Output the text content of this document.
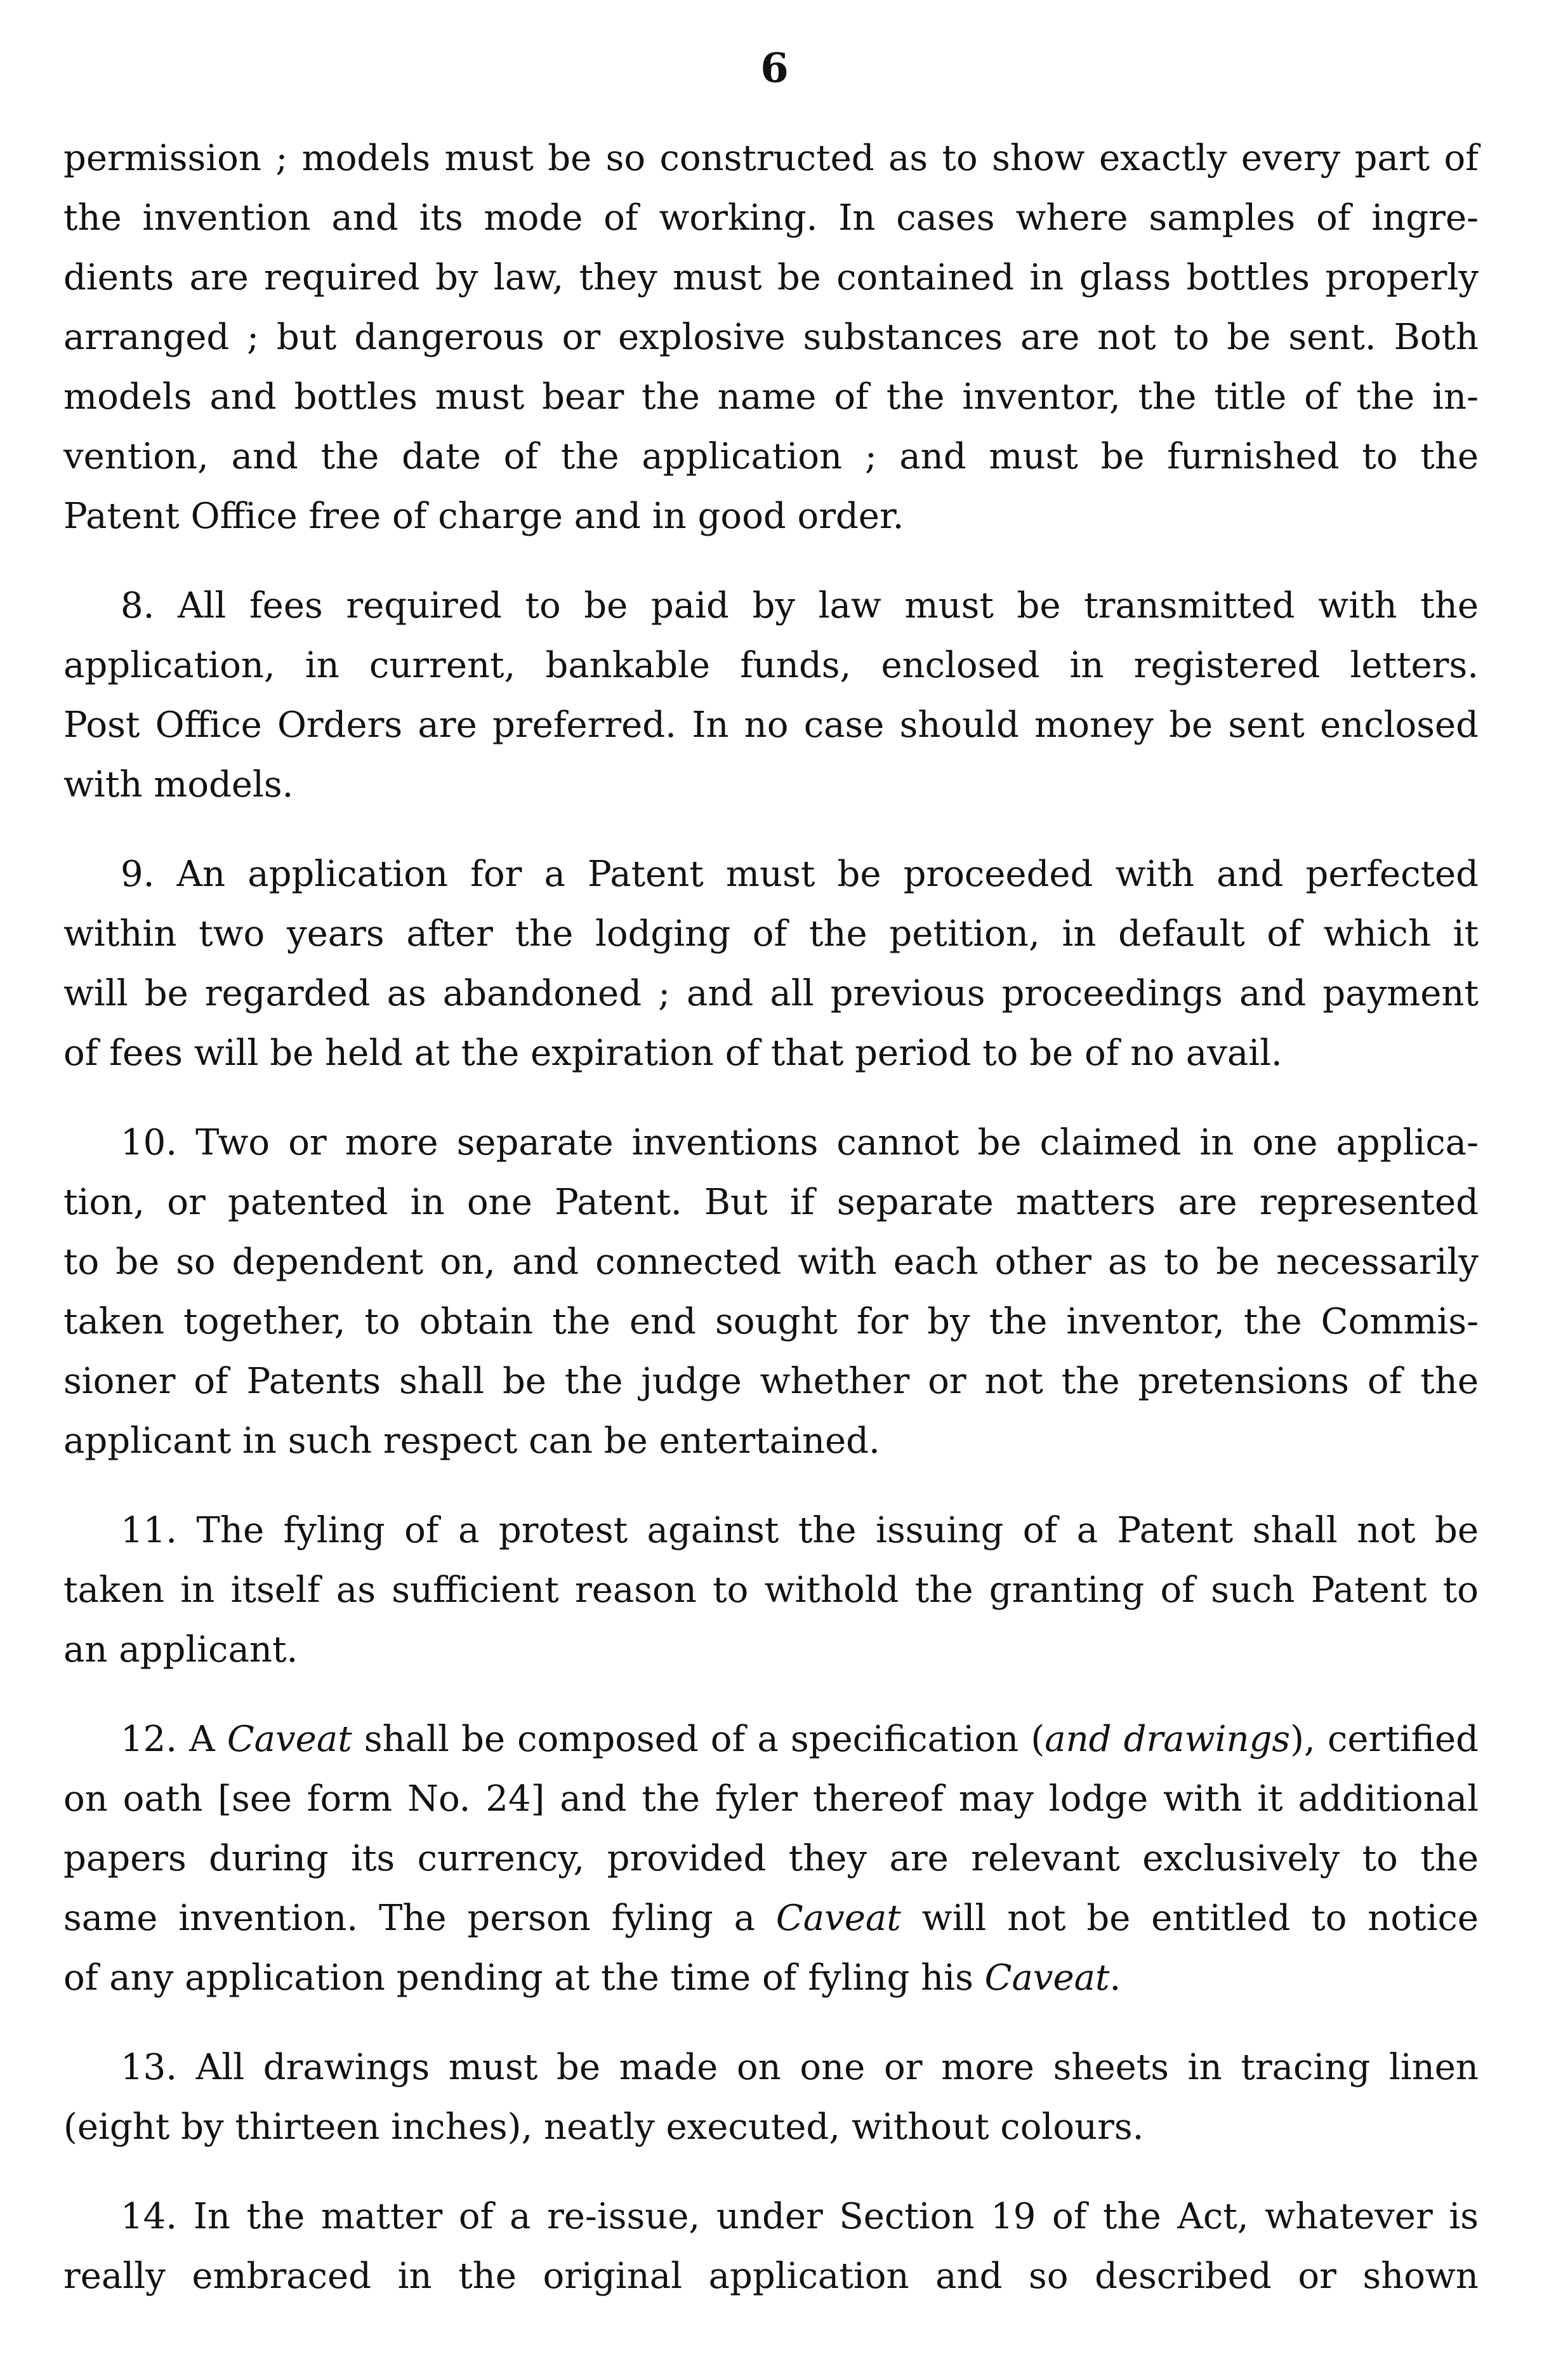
6
permission ; models must be so constructed as to show exactly every part of
the invention and its mode of working. In cases where samples of ingre-
dients are required by law, they must be contained in glass bottles properly
arranged ; but dangerous or explosive substances are not to be sent. Both
models and bottles must bear the name of the inventor, the title of the in-
vention, and the date of the application ; and must be furnished to the
Patent Office free of charge and in good order.
8. All fees required to be paid by law must be transmitted with the
application, in current, bankable funds, enclosed in registered letters.
Post Office Orders are preferred. In no case should money be sent enclosed
with models.
9. An application for a Patent must be proceeded with and perfected
within two years after the lodging of the petition, in default of which it
will be regarded as abandoned ; and all previous proceedings and payment
of fees will be held at the expiration of that period to be of no avail.
10. Two or more separate inventions cannot be claimed in one applica-
tion, or patented in one Patent. But if separate matters are represented
to be so dependent on, and connected with each other as to be necessarily
taken together, to obtain the end sought for by the inventor, the Commis-
sioner of Patents shall be the judge whether or not the pretensions of the
applicant in such respect can be entertained.
11. The fyling of a protest against the issuing of a Patent shall not be
taken in itself as sufficient reason to withold the granting of such Patent to
an applicant.
12. A Caveat shall be composed of a specification (and drawings), certified
on oath [see form No. 24] and the fyler thereof may lodge with it additional
papers during its currency, provided they are relevant exclusively to the
same invention. The person fyling a Caveat will not be entitled to notice
of any application pending at the time of fyling his Caveat.
13. All drawings must be made on one or more sheets in tracing linen
(eight by thirteen inches), neatly executed, without colours.
14. In the matter of a re-issue, under Section 19 of the Act, whatever is
really embraced in the original application and so described or shown
